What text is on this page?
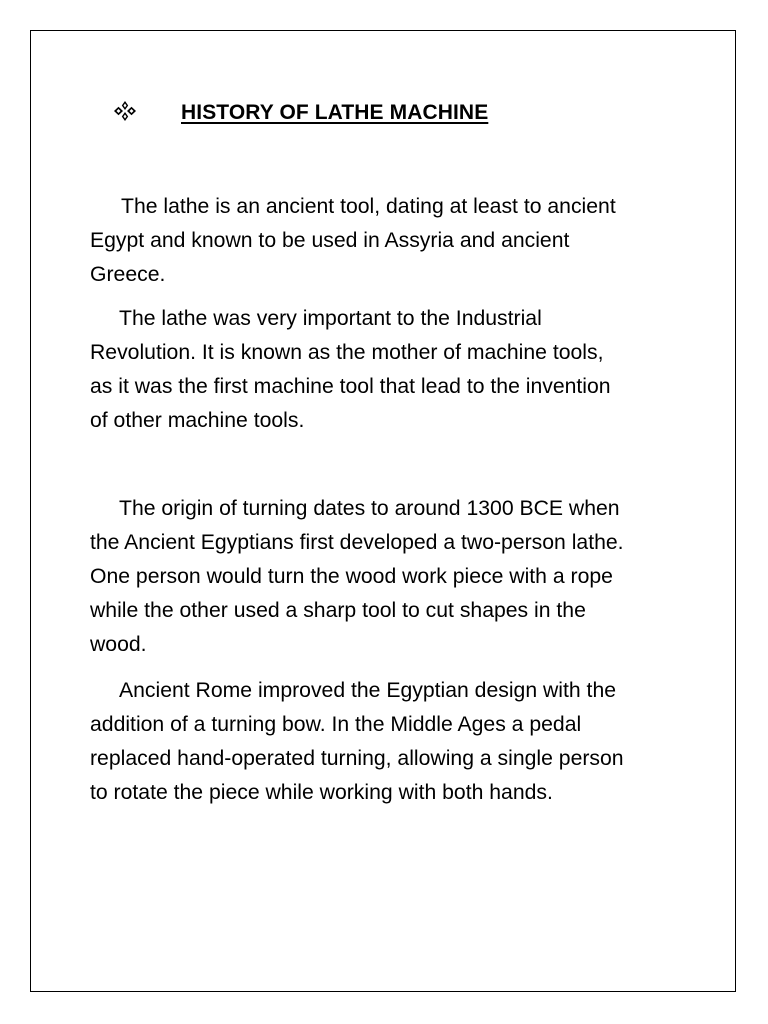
HISTORY OF LATHE MACHINE
The lathe is an ancient tool, dating at least to ancient
Egypt and known to be used in Assyria and ancient
Greece.
The lathe was very important to the Industrial
Revolution. It is known as the mother of machine tools,
as it was the first machine tool that lead to the invention
of other machine tools.
The origin of turning dates to around 1300 BCE when
the Ancient Egyptians first developed a two-person lathe.
One person would turn the wood work piece with a rope
while the other used a sharp tool to cut shapes in the
wood.
Ancient Rome improved the Egyptian design with the
addition of a turning bow. In the Middle Ages a pedal
replaced hand-operated turning, allowing a single person
to rotate the piece while working with both hands.
